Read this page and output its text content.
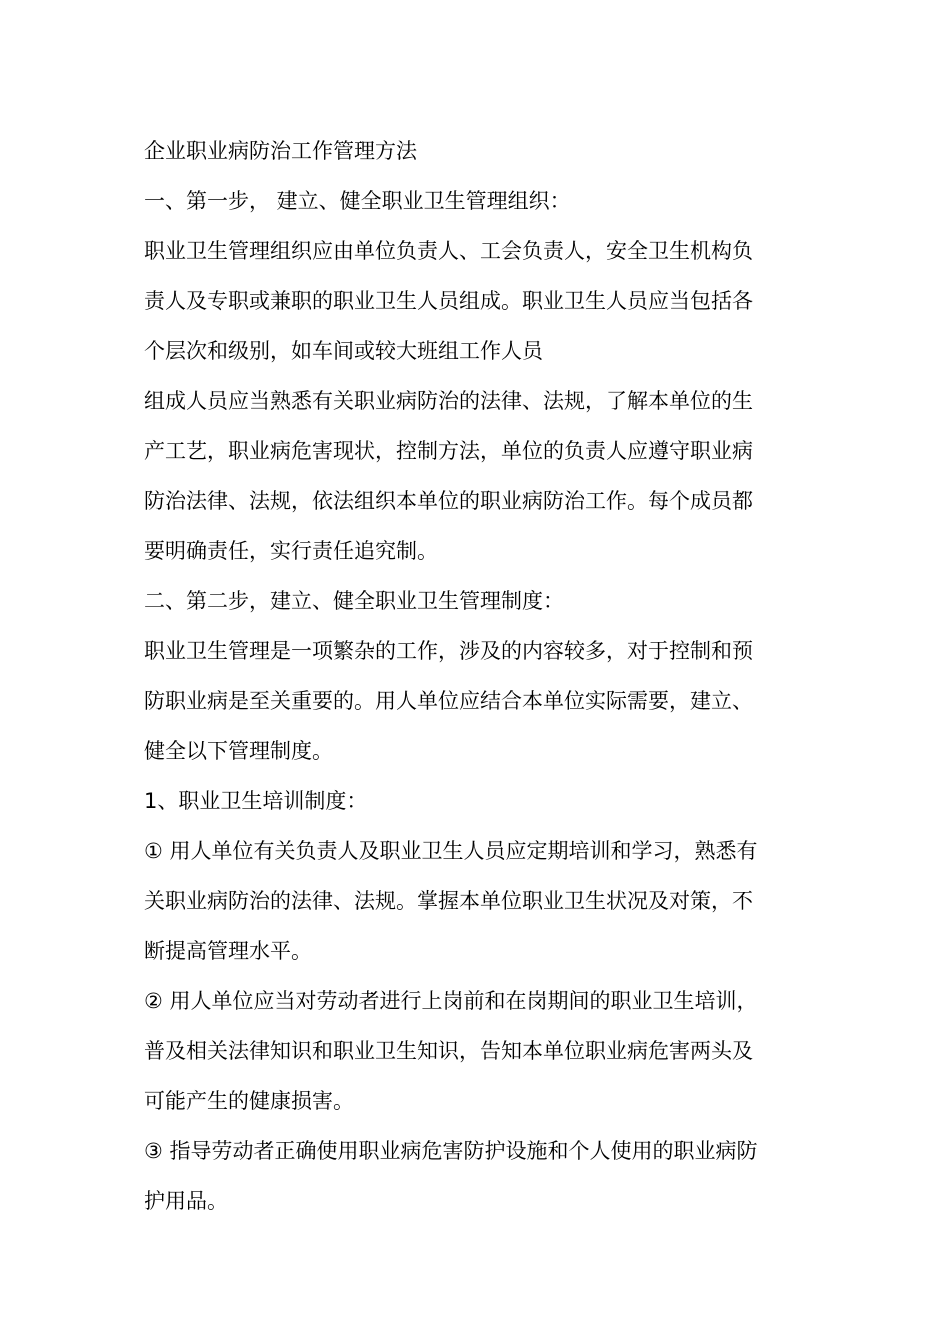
企业职业病防治工作管理方法

一、第一步， 建立、健全职业卫生管理组织：

职业卫生管理组织应由单位负责人、工会负责人，安全卫生机构负

责人及专职或兼职的职业卫生人员组成。职业卫生人员应当包括各

个层次和级别，如车间或较大班组工作人员

组成人员应当熟悉有关职业病防治的法律、法规，了解本单位的生

产工艺，职业病危害现状，控制方法，单位的负责人应遵守职业病

防治法律、法规，依法组织本单位的职业病防治工作。每个成员都

要明确责任，实行责任追究制。

二、第二步，建立、健全职业卫生管理制度：

职业卫生管理是一项繁杂的工作，涉及的内容较多，对于控制和预

防职业病是至关重要的。用人单位应结合本单位实际需要，建立、

健全以下管理制度。

1、职业卫生培训制度：

① 用人单位有关负责人及职业卫生人员应定期培训和学习，熟悉有

关职业病防治的法律、法规。掌握本单位职业卫生状况及对策，不

断提高管理水平。

② 用人单位应当对劳动者进行上岗前和在岗期间的职业卫生培训，

普及相关法律知识和职业卫生知识，告知本单位职业病危害两头及

可能产生的健康损害。

③ 指导劳动者正确使用职业病危害防护设施和个人使用的职业病防

护用品。
